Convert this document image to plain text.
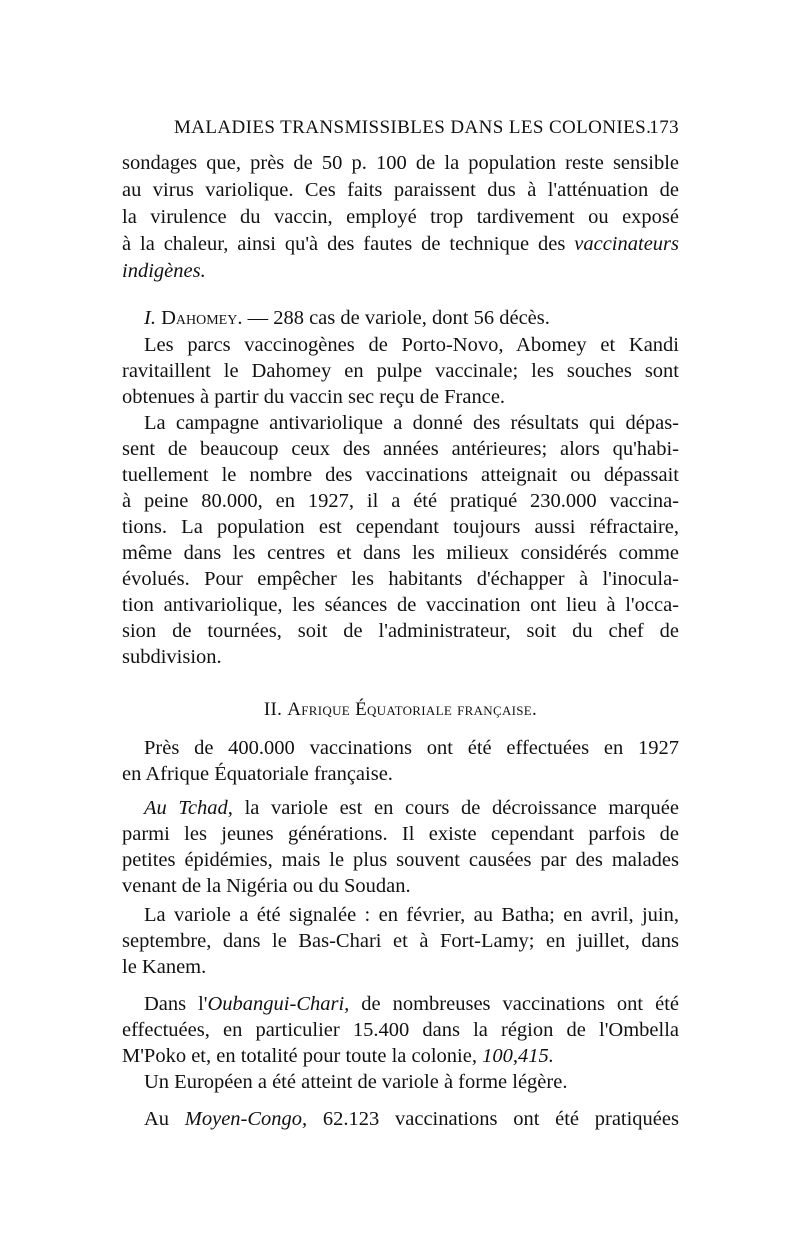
MALADIES TRANSMISSIBLES DANS LES COLONIES.
173
sondages que, près de 50 p. 100 de la population reste sensible
au virus variolique. Ces faits paraissent dus à l'atténuation de
la virulence du vaccin, employé trop tardivement ou exposé
à la chaleur, ainsi qu'à des fautes de technique des vaccinateurs
indigènes.
I. Dahomey. — 288 cas de variole, dont 56 décès.
Les parcs vaccinogènes de Porto-Novo, Abomey et Kandi
ravitaillent le Dahomey en pulpe vaccinale; les souches sont
obtenues à partir du vaccin sec reçu de France.
La campagne antivariolique a donné des résultats qui dépas-
sent de beaucoup ceux des années antérieures; alors qu'habi-
tuellement le nombre des vaccinations atteignait ou dépassait
à peine 80.000, en 1927, il a été pratiqué 230.000 vaccina-
tions. La population est cependant toujours aussi réfractaire,
même dans les centres et dans les milieux considérés comme
évolués. Pour empêcher les habitants d'échapper à l'inocula-
tion antivariolique, les séances de vaccination ont lieu à l'occa-
sion de tournées, soit de l'administrateur, soit du chef de
subdivision.
II. Afrique Équatoriale française.
Près de 400.000 vaccinations ont été effectuées en 1927
en Afrique Équatoriale française.
Au Tchad, la variole est en cours de décroissance marquée
parmi les jeunes générations. Il existe cependant parfois de
petites épidémies, mais le plus souvent causées par des malades
venant de la Nigéria ou du Soudan.
La variole a été signalée : en février, au Batha; en avril, juin,
septembre, dans le Bas-Chari et à Fort-Lamy; en juillet, dans
le Kanem.
Dans l'Oubangui-Chari, de nombreuses vaccinations ont été
effectuées, en particulier 15.400 dans la région de l'Ombella
M'Poko et, en totalité pour toute la colonie, 100,415.
Un Européen a été atteint de variole à forme légère.
Au Moyen-Congo, 62.123 vaccinations ont été pratiquées
